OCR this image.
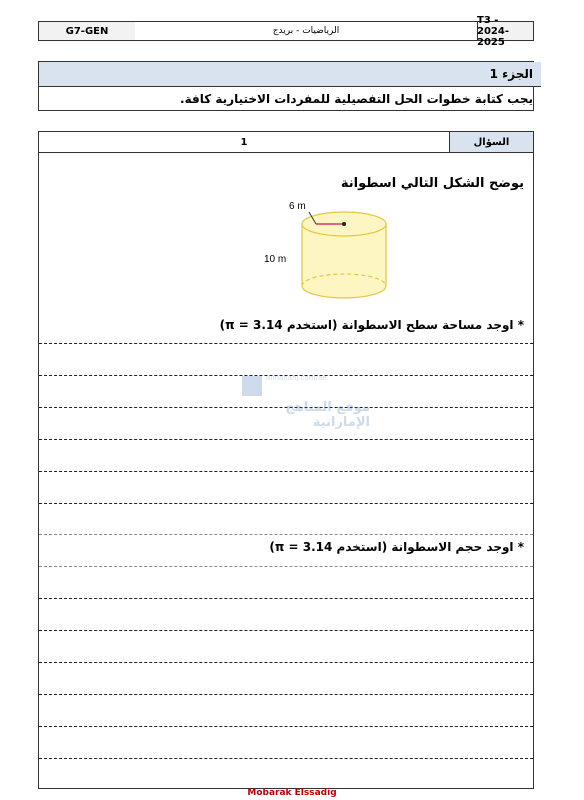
G7-GEN	الرياضيات - بريدج
T3 - 2024-2025
الجزء 1
يجب كتابة خطوات الحل التفصيلية للمفردات الاختيارية كافة.
1	السؤال
يوضح الشكل التالي اسطوانة
6 m
10 m
* اوجد مساحة سطح الاسطوانة (استخدم 3.14 = π)
* اوجد حجم الاسطوانة (استخدم 3.14 = π)
almanahj.com/ae
موقع المناهج الإماراتية
Mobarak Elssadig
